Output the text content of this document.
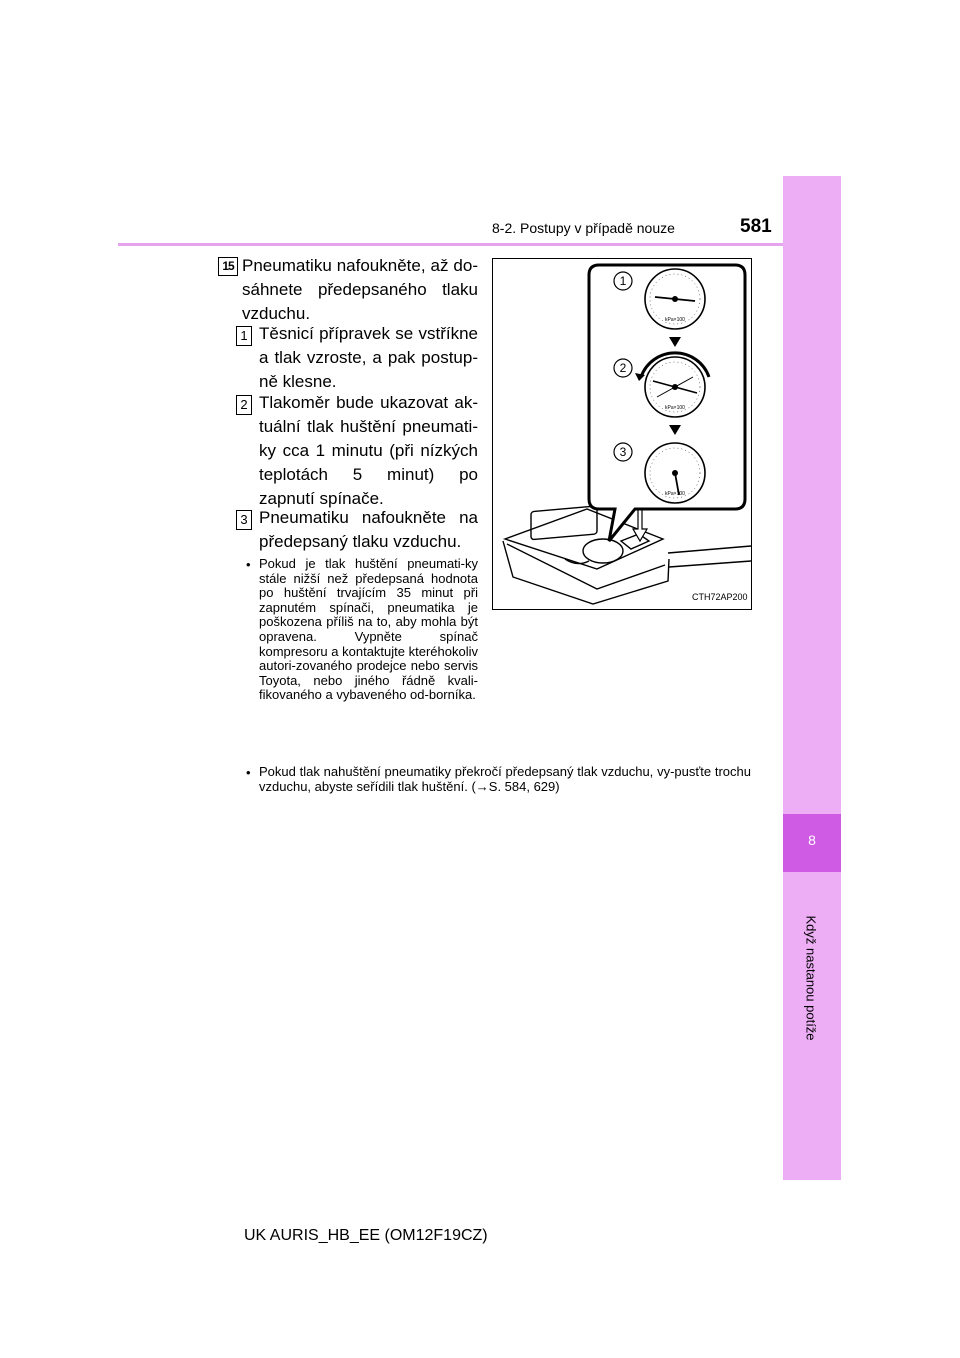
8-2. Postupy v případě nouze	581
8
Když nastanou potíže
15 Pneumatiku nafoukněte, až do-sáhnete předepsaného tlaku vzduchu.
1 Těsnicí přípravek se vstříkne a tlak vzroste, a pak postup-ně klesne.
2 Tlakoměr bude ukazovat ak-tuální tlak huštění pneumati-ky cca 1 minutu (při nízkých teplotách 5 minut) po zapnutí spínače.
3 Pneumatiku nafoukněte na předepsaný tlaku vzduchu.
• Pokud je tlak huštění pneumati-ky stále nižší než předepsaná hodnota po huštění trvajícím 35 minut při zapnutém spínači, pneumatika je poškozena příliš na to, aby mohla být opravena. Vypněte spínač kompresoru a kontaktujte kteréhokoliv autori-zovaného prodejce nebo servis Toyota, nebo jiného řádně kvali-fikovaného a vybaveného od-borníka.
• Pokud tlak nahuštění pneumatiky překročí předepsaný tlak vzduchu, vy-pusťte trochu vzduchu, abyste seřídili tlak huštění. (→S. 584, 629)
1
2
3
kPa×100
kPa×100
kPa×100
CTH72AP200
UK AURIS_HB_EE (OM12F19CZ)
